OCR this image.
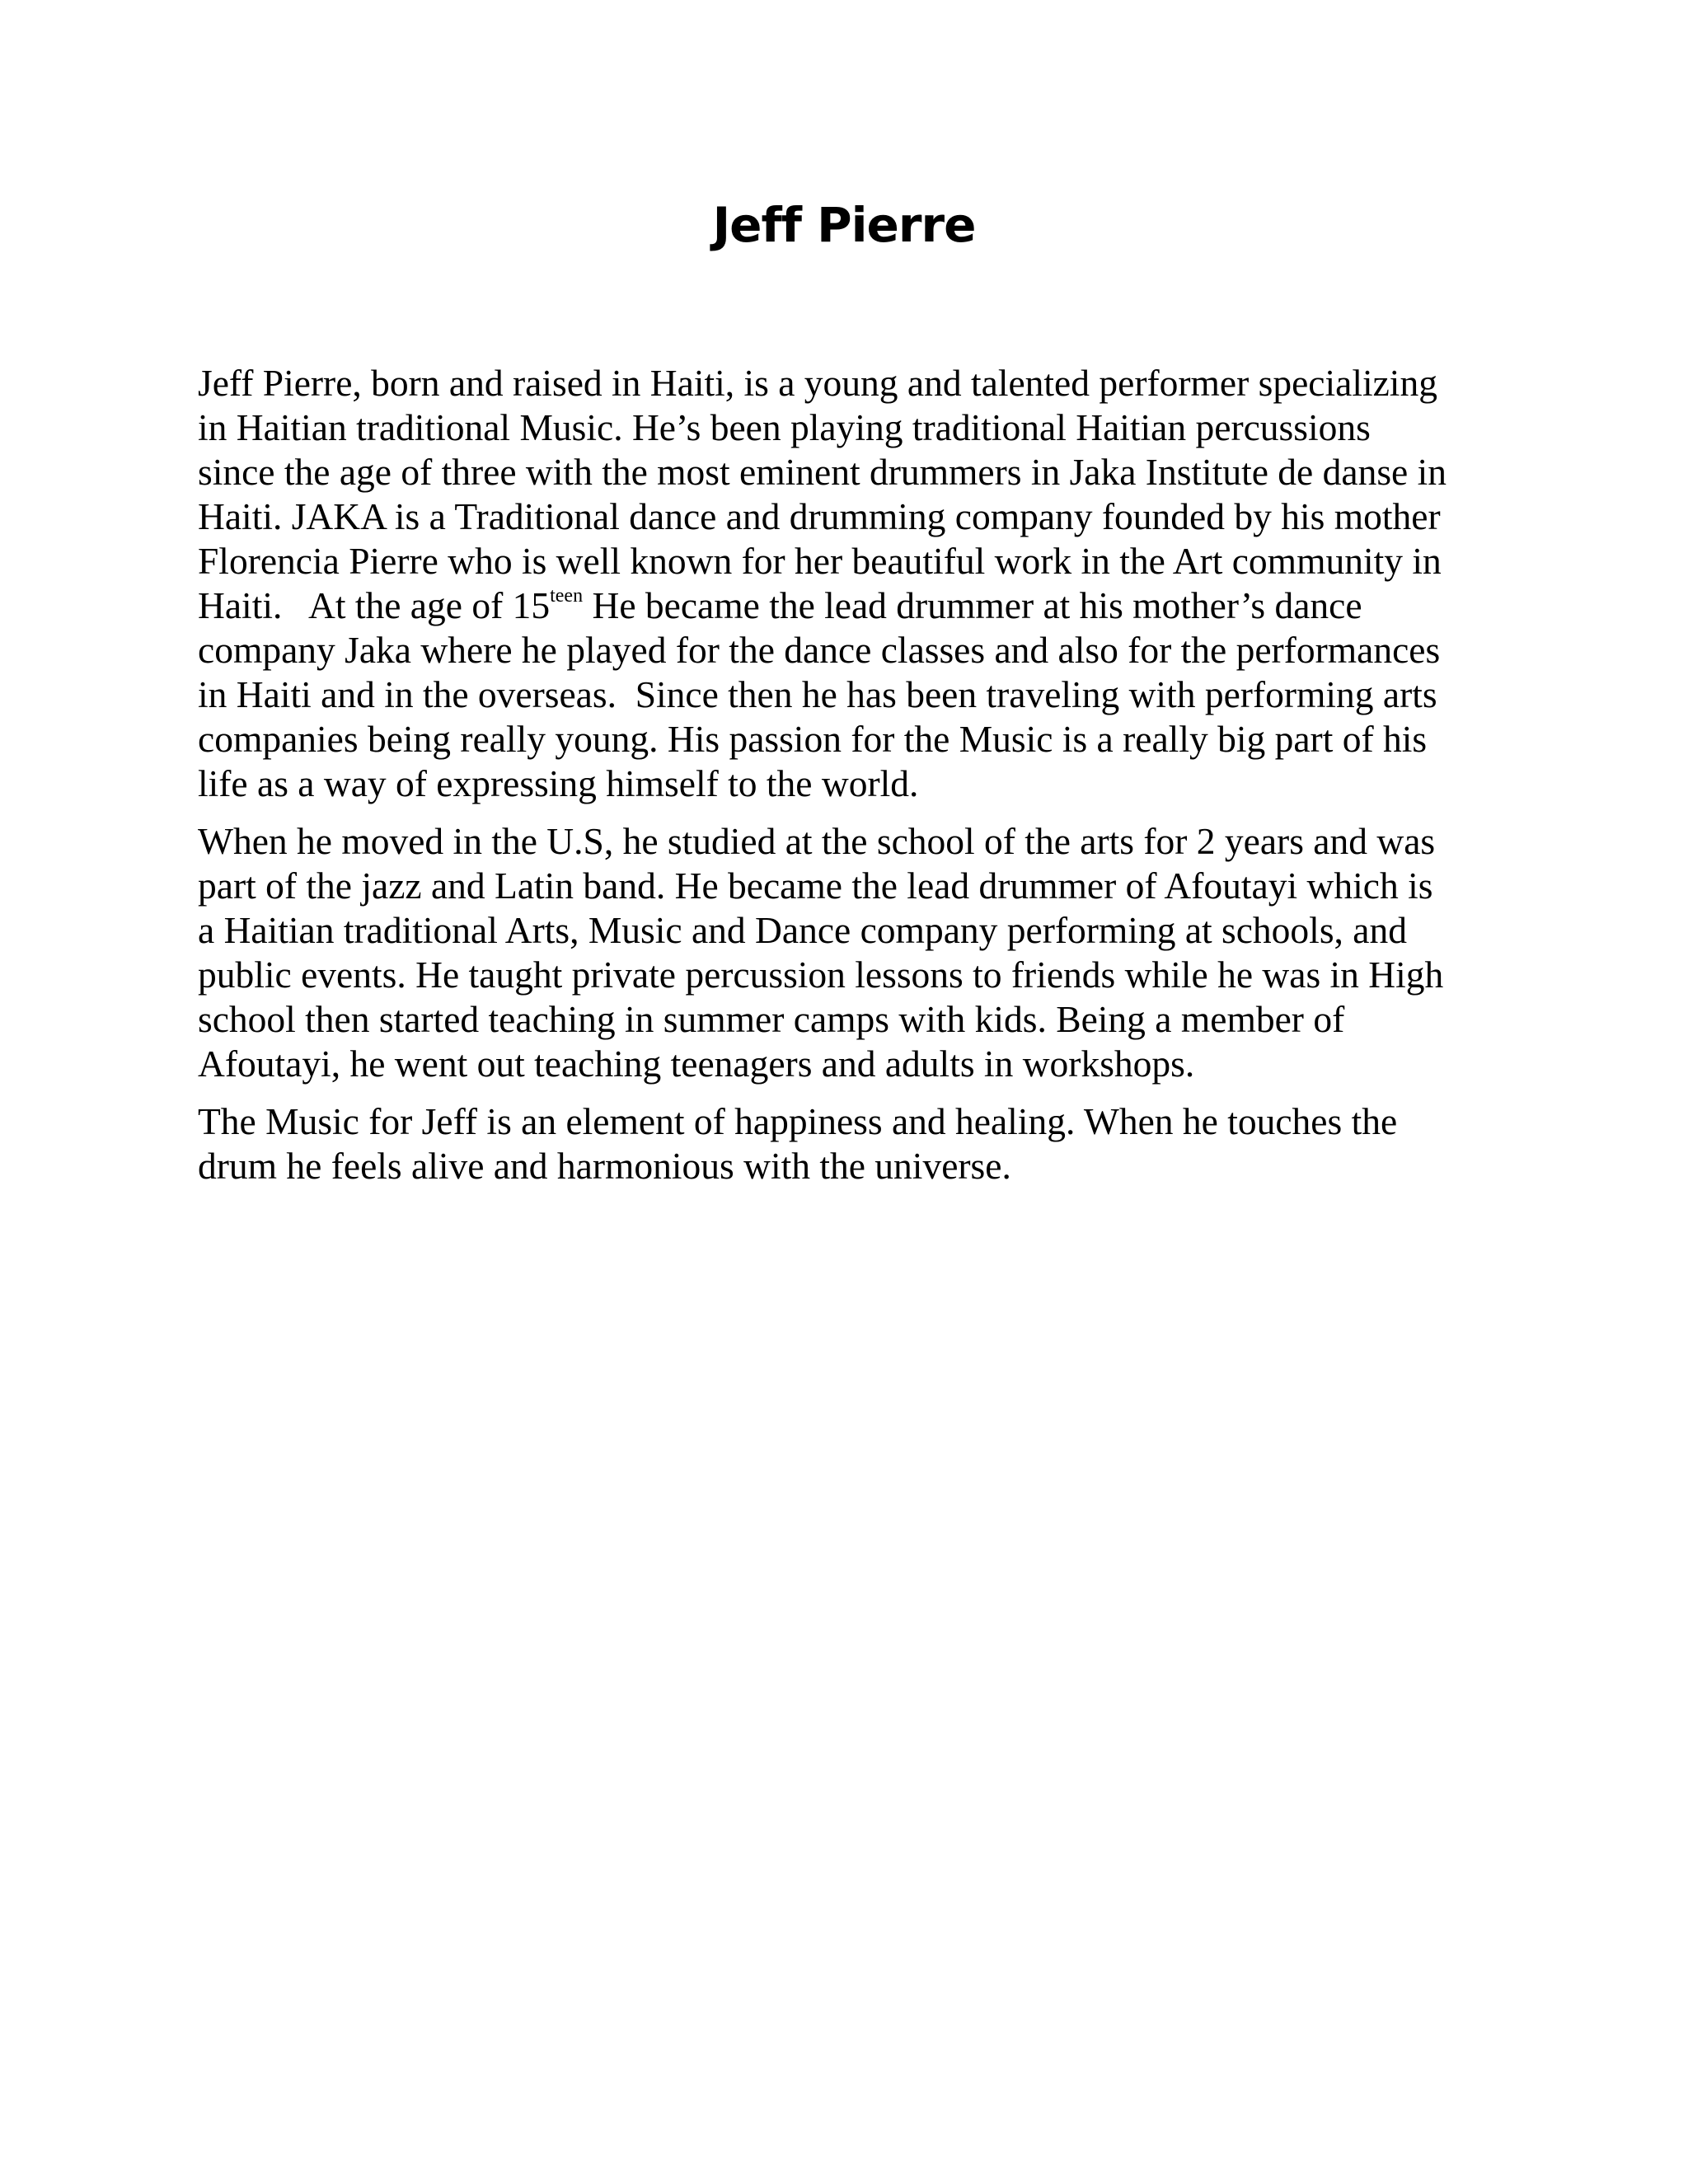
Jeff Pierre

Jeff Pierre, born and raised in Haiti, is a young and talented performer specializing
in Haitian traditional Music. He’s been playing traditional Haitian percussions
since the age of three with the most eminent drummers in Jaka Institute de danse in
Haiti. JAKA is a Traditional dance and drumming company founded by his mother
Florencia Pierre who is well known for her beautiful work in the Art community in
Haiti.   At the age of $15^{teen}$ He became the lead drummer at his mother’s dance
company Jaka where he played for the dance classes and also for the performances
in Haiti and in the overseas.  Since then he has been traveling with performing arts
companies being really young. His passion for the Music is a really big part of his
life as a way of expressing himself to the world.

When he moved in the U.S, he studied at the school of the arts for 2 years and was
part of the jazz and Latin band. He became the lead drummer of Afoutayi which is
a Haitian traditional Arts, Music and Dance company performing at schools, and
public events. He taught private percussion lessons to friends while he was in High
school then started teaching in summer camps with kids. Being a member of
Afoutayi, he went out teaching teenagers and adults in workshops.

The Music for Jeff is an element of happiness and healing. When he touches the
drum he feels alive and harmonious with the universe.
